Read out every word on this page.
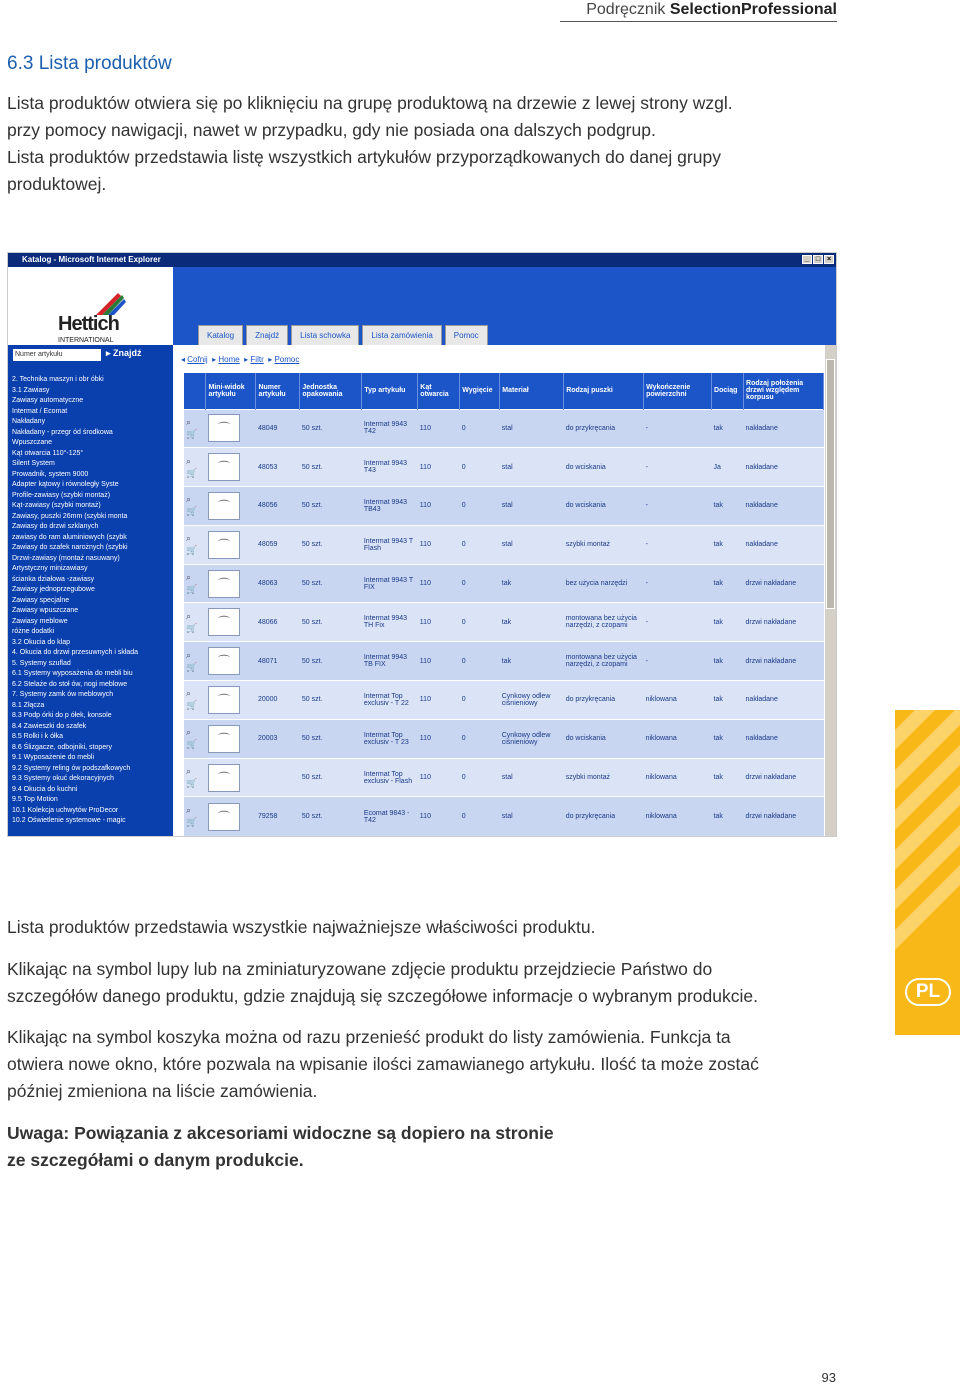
Podręcznik SelectionProfessional
6.3 Lista produktów
Lista produktów otwiera się po kliknięciu na grupę produktową na drzewie z lewej strony wzgl.
przy pomocy nawigacji, nawet w przypadku, gdy nie posiada ona dalszych podgrup.
Lista produktów przedstawia listę wszystkich artykułów przyporządkowanych do danej grupy
produktowej.
Katalog - Microsoft Internet Explorer	_ □ ×
Hettich
INTERNATIONAL
Katalog	Znajdź	Lista schowka	Lista zamówienia	Pomoc
Numer artykułu	▸ Znajdź
2. Technika maszyn i obr óbki
3.1 Zawiasy
Zawiasy automatyczne
Intermat / Ecomat
Nakładany
Nakładany - przegr ód środkowa
Wpuszczane
Kąt otwarcia 110°-125°
Silent System
Prowadnik, system 9000
Adapter kątowy i równoległy Syste
Profile-zawiasy (szybki montaż)
Kąt-zawiasy (szybki montaż)
Zawiasy, puszki 26mm (szybki monta
Zawiasy do drzwi szklanych
zawiasy do ram aluminiowych (szybk
Zawiasy do szafek narożnych (szybki
Drzwi-zawiasy (montaż nasuwany)
Artystyczny minizawiasy
ścianka działowa -zawiasy
Zawiasy jednoprzegubowe
Zawiasy specjalne
Zawiasy wpuszczane
Zawiasy meblowe
różne dodatki
3.2 Okucia do klap
4. Okucia do drzwi przesuwnych i składa
5. Systemy szuflad
6.1 Systemy wyposażenia do mebli biu
6.2 Stelaże do stoł ów, nogi meblowe
7. Systemy zamk ów meblowych
8.1 Złącza
8.3 Podp órki do p ółek, konsole
8.4 Zawieszki do szafek
8.5 Rolki i k ółka
8.6 Ślizgacze, odbojniki, stopery
9.1 Wyposażenie do mebli
9.2 Systemy reling ów podszafkowych
9.3 Systemy okuć dekoracyjnych
9.4 Okucia do kuchni
9.5 Top Motion
10.1 Kolekcja uchwytów ProDecor
10.2 Oświetlenie systemowe - magic
◂ Cofnij  ▸ Home  ▸ Filtr  ▸ Pomoc
	Mini-widok artykułu	Numer artykułu	Jednostka opakowania	Typ artykułu	Kąt otwarcia	Wygięcie	Materiał	Rodzaj puszki	Wykończenie powierzchni	Dociąg	Rodzaj położenia drzwi względem korpusu

⌕
🛒	⌒	48049	50 szt.	Intermat 9943 T42	110	0	stal	do przykręcania	-	tak	nakładane

⌕
🛒	⌒	48053	50 szt.	Intermat 9943 T43	110	0	stal	do wciskania	-	Ja	nakładane

⌕
🛒	⌒	48056	50 szt.	Intermat 9943 TB43	110	0	stal	do wciskania	-	tak	nakładane

⌕
🛒	⌒	48059	50 szt.	Intermat 9943 T Flash	110	0	stal	szybki montaż	-	tak	nakładane

⌕
🛒	⌒	48063	50 szt.	Intermat 9943 T FIX	110	0	tak	bez użycia narzędzi	-	tak	drzwi nakładane

⌕
🛒	⌒	48066	50 szt.	Intermat 9943 TH Fix	110	0	tak	montowana bez użycia narzędzi, z czopami	-	tak	drzwi nakładane

⌕
🛒	⌒	48071	50 szt.	Intermat 9943 TB FIX	110	0	tak	montowana bez użycia narzędzi, z czopami	-	tak	drzwi nakładane

⌕
🛒	⌒	20000	50 szt.	Intermat Top exclusiv - T 22	110	0	Cynkowy odlew ciśnieniowy	do przykręcania	niklowana	tak	nakładane

⌕
🛒	⌒	20003	50 szt.	Intermat Top exclusiv - T 23	110	0	Cynkowy odlew ciśnieniowy	do wciskania	niklowana	tak	nakładane

⌕
🛒	⌒		50 szt.	Intermat Top exclusiv - Flash	110	0	stal	szybki montaż	niklowana	tak	drzwi nakładane

⌕
🛒	⌒	79258	50 szt.	Ecomat 9843 - T42	110	0	stal	do przykręcania	niklowana	tak	drzwi nakładane
Lista produktów przedstawia wszystkie najważniejsze właściwości produktu.
Klikając na symbol lupy lub na zminiaturyzowane zdjęcie produktu przejdziecie Państwo do
szczegółów danego produktu, gdzie znajdują się szczegółowe informacje o wybranym produkcie.
Klikając na symbol koszyka można od razu przenieść produkt do listy zamówienia. Funkcja ta
otwiera nowe okno, które pozwala na wpisanie ilości zamawianego artykułu. Ilość ta może zostać
później zmieniona na liście zamówienia.
Uwaga: Powiązania z akcesoriami widoczne są dopiero na stronie
ze szczegółami o danym produkcie.
PL
93
